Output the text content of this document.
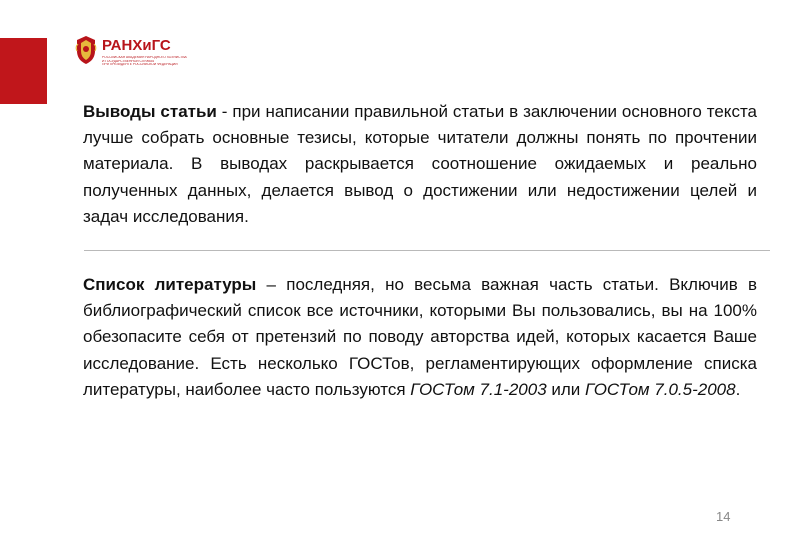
РАНХиГС
РОССИЙСКАЯ АКАДЕМИЯ НАРОДНОГО ХОЗЯЙСТВА
И ГОСУДАРСТВЕННОЙ СЛУЖБЫ
ПРИ ПРЕЗИДЕНТЕ РОССИЙСКОЙ ФЕДЕРАЦИИ
Выводы статьи - при написании правильной статьи в заключении основного текста лучше собрать основные тезисы, которые читатели должны понять по прочтении материала. В выводах раскрывается соотношение ожидаемых и реально полученных данных, делается вывод о достижении или недостижении целей и задач исследования.
Список литературы – последняя, но весьма важная часть статьи. Включив в библиографический список все источники, которыми Вы пользовались, вы на 100% обезопасите себя от претензий по поводу авторства идей, которых касается Ваше исследование. Есть несколько ГОСТов, регламентирующих оформление списка литературы, наиболее часто пользуются ГОСТом 7.1-2003 или ГОСТом 7.0.5-2008.
14
